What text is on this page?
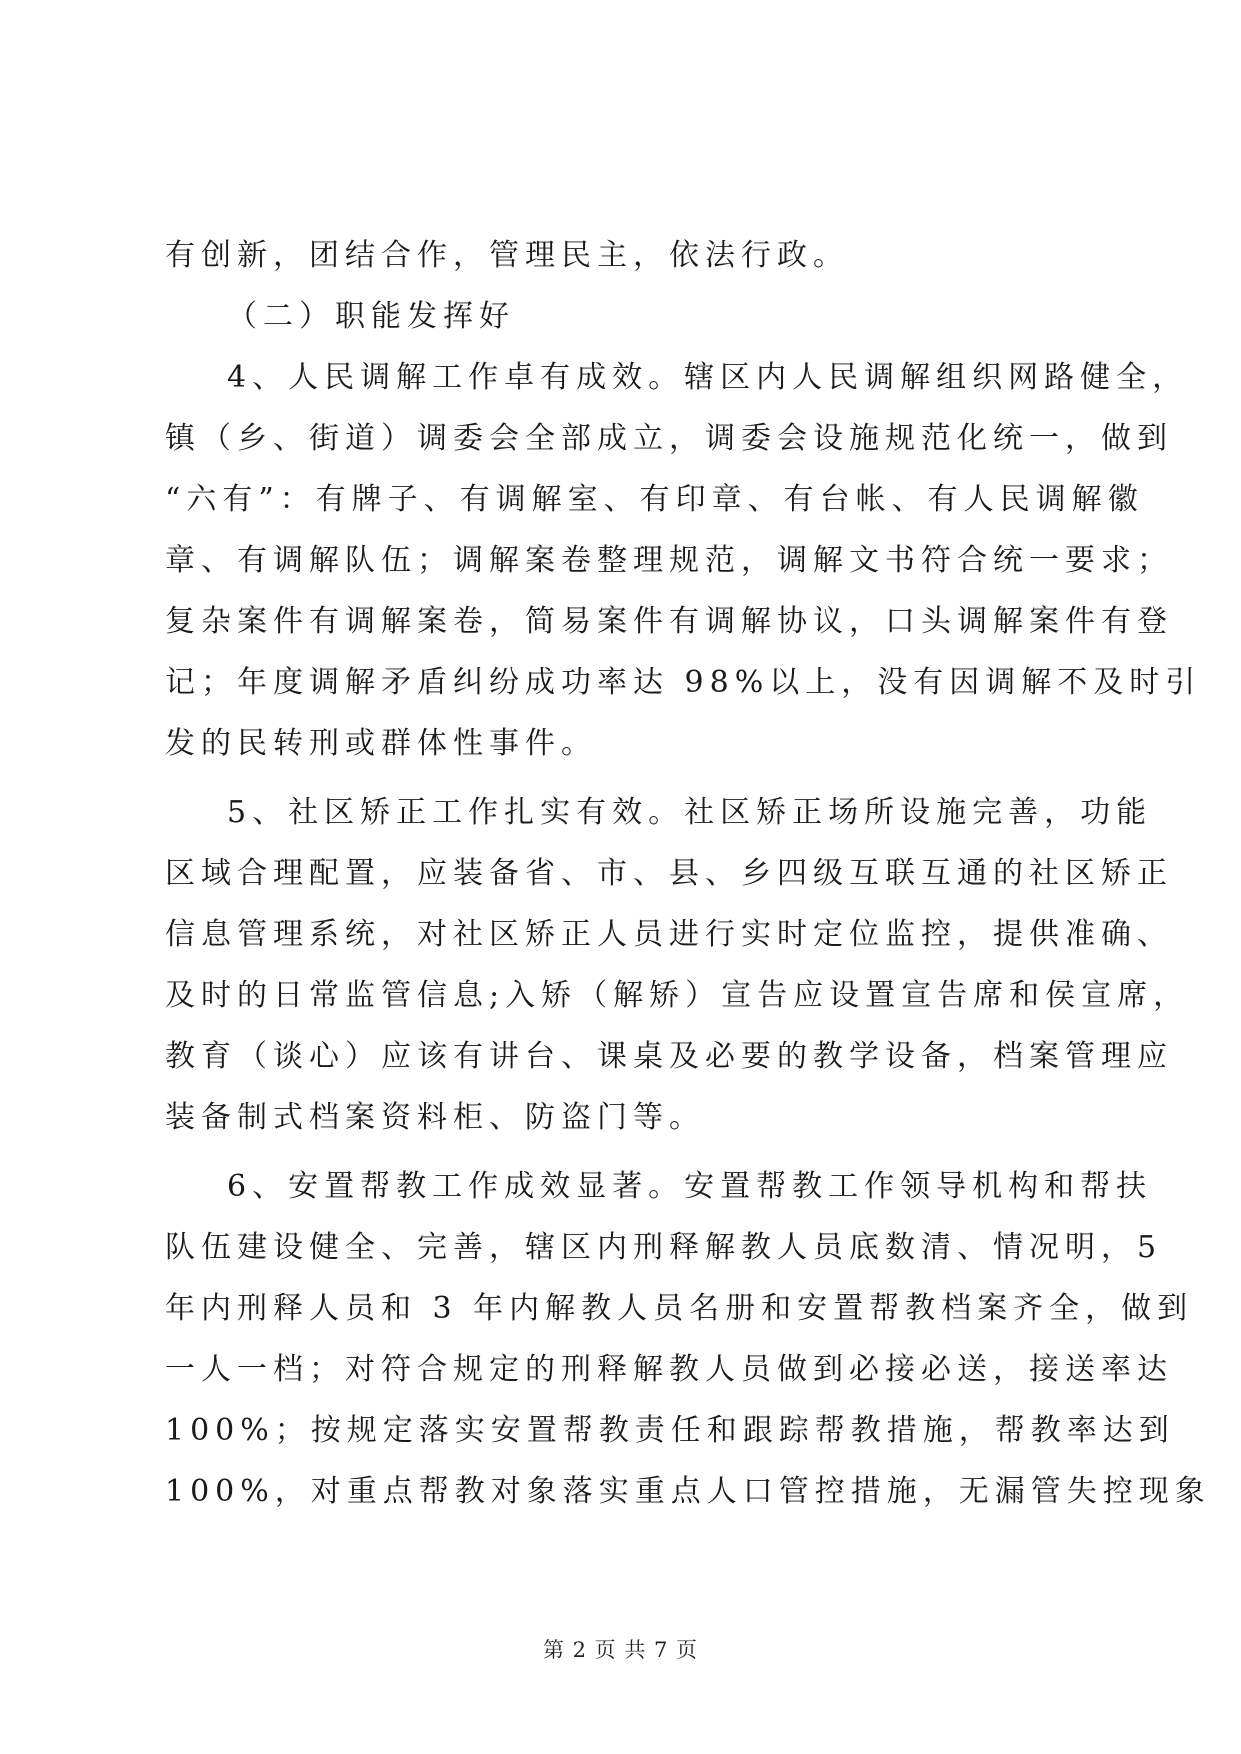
有创新，团结合作，管理民主，依法行政。
（二）职能发挥好
4、人民调解工作卓有成效。辖区内人民调解组织网路健全，
镇（乡、街道）调委会全部成立，调委会设施规范化统一，做到
“六有”：有牌子、有调解室、有印章、有台帐、有人民调解徽
章、有调解队伍；调解案卷整理规范，调解文书符合统一要求；
复杂案件有调解案卷，简易案件有调解协议，口头调解案件有登
记；年度调解矛盾纠纷成功率达 98%以上，没有因调解不及时引
发的民转刑或群体性事件。
5、社区矫正工作扎实有效。社区矫正场所设施完善，功能
区域合理配置，应装备省、市、县、乡四级互联互通的社区矫正
信息管理系统，对社区矫正人员进行实时定位监控，提供准确、
及时的日常监管信息;入矫（解矫）宣告应设置宣告席和侯宣席，
教育（谈心）应该有讲台、课桌及必要的教学设备，档案管理应
装备制式档案资料柜、防盗门等。
6、安置帮教工作成效显著。安置帮教工作领导机构和帮扶
队伍建设健全、完善，辖区内刑释解教人员底数清、情况明，5
年内刑释人员和 3 年内解教人员名册和安置帮教档案齐全，做到
一人一档；对符合规定的刑释解教人员做到必接必送，接送率达
100%；按规定落实安置帮教责任和跟踪帮教措施，帮教率达到
100%，对重点帮教对象落实重点人口管控措施，无漏管失控现象
第 2 页 共 7 页
